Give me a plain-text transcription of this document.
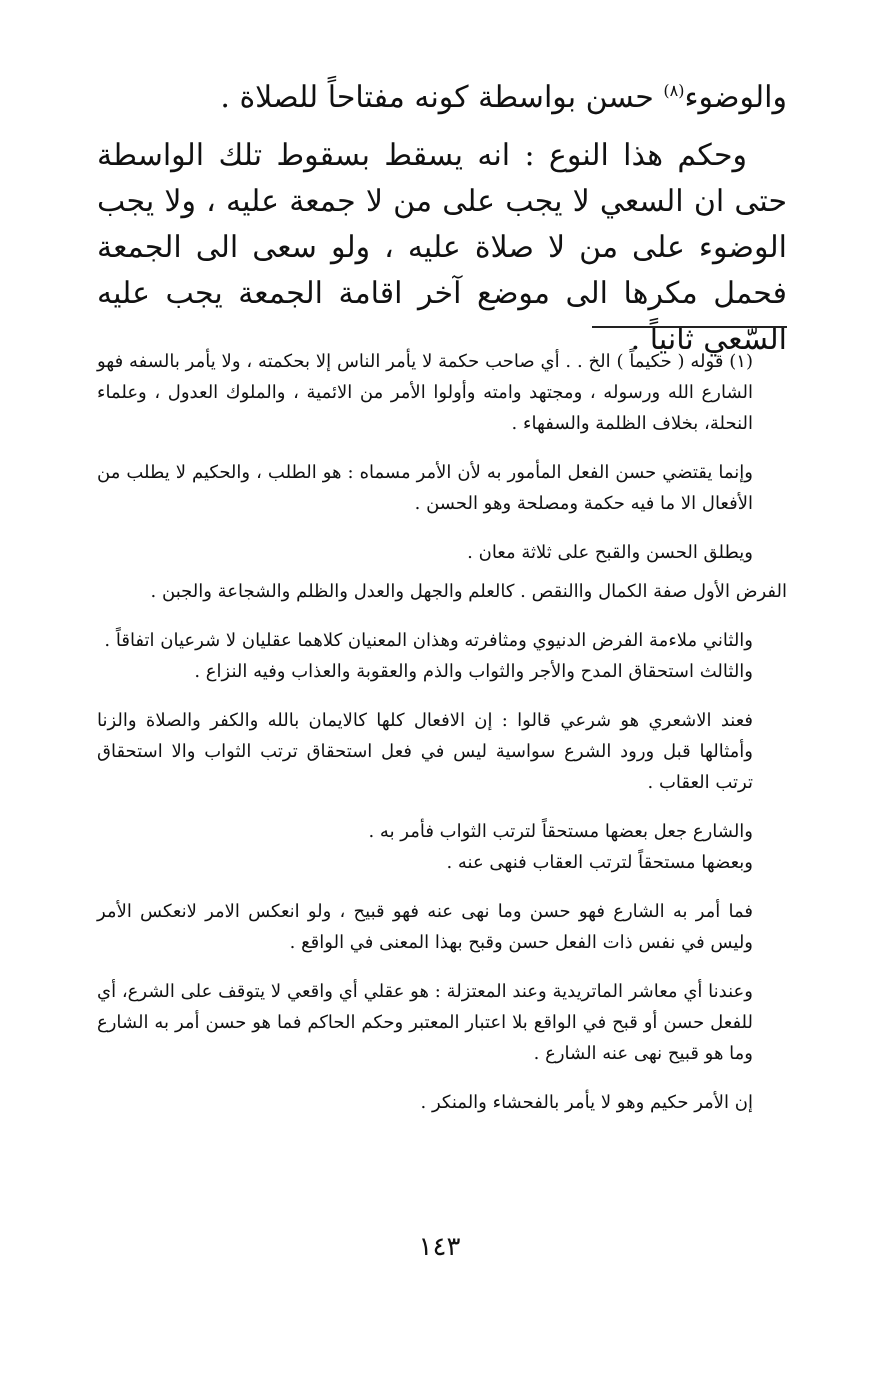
والوضوء$^{(٨)}$ حسن بواسطة كونه مفتاحاً للصلاة .

وحكم هذا النوع : انه يسقط بسقوط تلك الواسطة حتى ان السعي لا يجب على من لا جمعة عليه ، ولا يجب الوضوء على من لا صلاة عليه ، ولو سعى الى الجمعة فحمل مكرها الى موضع آخر اقامة الجمعة يجب عليه السّعي ثانياً .

(١) قوله ( حكيماً ) الخ . . أي صاحب حكمة لا يأمر الناس إلا بحكمته ، ولا يأمر بالسفه فهو الشارع الله ورسوله ، ومجتهد وامته وأولوا الأمر من الائمية ، والملوك العدول ، وعلماء النحلة، بخلاف الظلمة والسفهاء .

وإنما يقتضي حسن الفعل المأمور به لأن الأمر مسماه : هو الطلب ، والحكيم لا يطلب من الأفعال الا ما فيه حكمة ومصلحة وهو الحسن .

ويطلق الحسن والقبح على ثلاثة معان .

الفرض الأول صفة الكمال واالنقص . كالعلم والجهل والعدل والظلم والشجاعة والجبن .

والثاني ملاءمة الفرض الدنيوي ومثافرته وهذان المعنيان كلاهما عقليان لا شرعيان اتفاقاً .

والثالث استحقاق المدح والأجر والثواب والذم والعقوبة والعذاب وفيه النزاع .

فعند الاشعري هو شرعي قالوا : إن الافعال كلها كالايمان بالله والكفر والصلاة والزنا وأمثالها قبل ورود الشرع سواسية ليس في فعل استحقاق ترتب الثواب والا استحقاق ترتب العقاب .

والشارع جعل بعضها مستحقاً لترتب الثواب فأمر به .

وبعضها مستحقاً لترتب العقاب فنهى عنه .

فما أمر به الشارع فهو حسن وما نهى عنه فهو قبيح ، ولو انعكس الامر لانعكس الأمر وليس في نفس ذات الفعل حسن وقبح بهذا المعنى في الواقع .

وعندنا أي معاشر الماتريدية وعند المعتزلة : هو عقلي أي واقعي لا يتوقف على الشرع، أي للفعل حسن أو قبح في الواقع بلا اعتبار المعتبر وحكم الحاكم فما هو حسن أمر به الشارع وما هو قبيح نهى عنه الشارع .

إن الأمر حكيم وهو لا يأمر بالفحشاء والمنكر .

١٤٣
